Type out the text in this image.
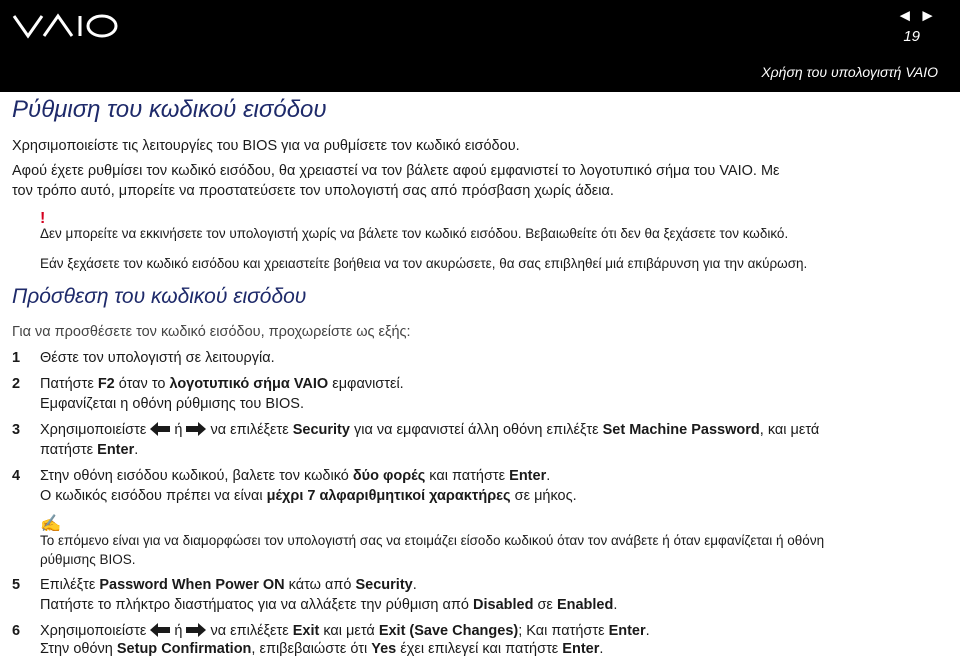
◄►
19
Χρήση του υπολογιστή VAIO
Ρύθμιση του κωδικού εισόδου
Χρησιμοποιείστε τις λειτουργίες του BIOS για να ρυθμίσετε τον κωδικό εισόδου.
Αφού έχετε ρυθμίσει τον κωδικό εισόδου, θα χρειαστεί να τον βάλετε αφού εμφανιστεί το λογοτυπικό σήμα του VAIO. Με
τον τρόπο αυτό, μπορείτε να προστατεύσετε τον υπολογιστή σας από πρόσβαση χωρίς άδεια.
!
Δεν μπορείτε να εκκινήσετε τον υπολογιστή χωρίς να βάλετε τον κωδικό εισόδου. Βεβαιωθείτε ότι δεν θα ξεχάσετε τον κωδικό.
Εάν ξεχάσετε τον κωδικό εισόδου και χρειαστείτε βοήθεια να τον ακυρώσετε, θα σας επιβληθεί μιά επιβάρυνση για την ακύρωση.
Πρόσθεση του κωδικού εισόδου
Για να προσθέσετε τον κωδικό εισόδου, προχωρείστε ως εξής:
1 Θέστε τον υπολογιστή σε λειτουργία.
2 Πατήστε F2 όταν το λογοτυπικό σήμα VAIO εμφανιστεί.
Εμφανίζεται η οθόνη ρύθμισης του BIOS.
3 Χρησιμοποιείστε  ή  να επιλέξετε Security για να εμφανιστεί άλλη οθόνη επιλέξτε Set Machine Password, και μετά
πατήστε Enter.
4 Στην οθόνη εισόδου κωδικού, βαλετε τον κωδικό δύο φορές και πατήστε Enter.
Ο κωδικός εισόδου πρέπει να είναι μέχρι 7 αλφαριθμητικοί χαρακτήρες σε μήκος.
✍
Το επόμενο είναι για να διαμορφώσει τον υπολογιστή σας να ετοιμάζει είσοδο κωδικού όταν τον ανάβετε ή όταν εμφανίζεται ή οθόνη
ρύθμισης BIOS.
5 Επιλέξτε Password When Power ON κάτω από Security.
Πατήστε το πλήκτρο διαστήματος για να αλλάξετε την ρύθμιση από Disabled σε Enabled.
6 Χρησιμοποιείστε  ή  να επιλέξετε Exit και μετά Exit (Save Changes); Και πατήστε Enter.
Στην οθόνη Setup Confirmation, επιβεβαιώστε ότι Yes έχει επιλεγεί και πατήστε Enter.
